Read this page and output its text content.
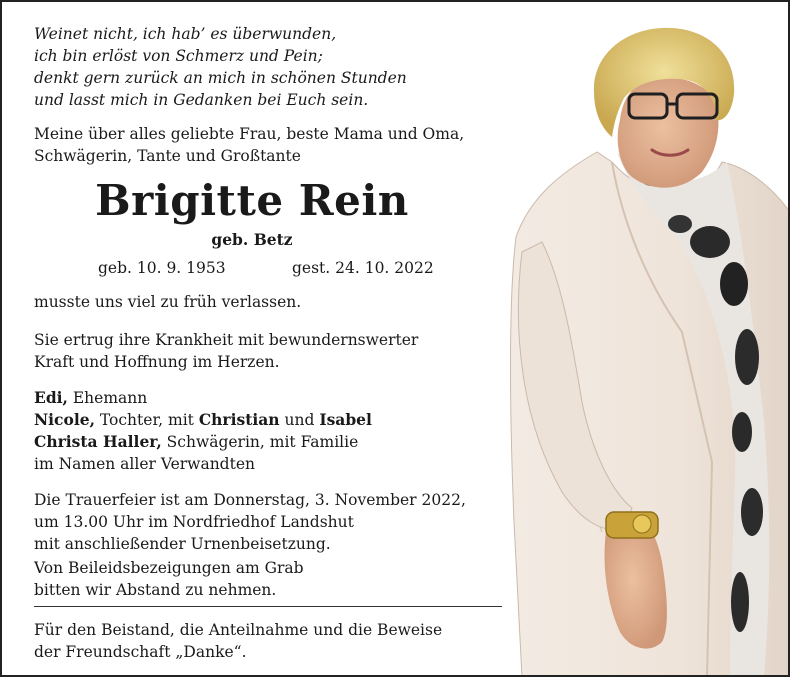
Weinet nicht, ich hab’ es überwunden,
ich bin erlöst von Schmerz und Pein;
denkt gern zurück an mich in schönen Stunden
und lasst mich in Gedanken bei Euch sein.
Meine über alles geliebte Frau, beste Mama und Oma,
Schwägerin, Tante und Großtante
Brigitte Rein
geb. Betz
geb. 10. 9. 1953	gest. 24. 10. 2022
musste uns viel zu früh verlassen.
Sie ertrug ihre Krankheit mit bewundernswerter
Kraft und Hoffnung im Herzen.
Edi, Ehemann
Nicole, Tochter, mit Christian und Isabel
Christa Haller, Schwägerin, mit Familie
im Namen aller Verwandten
Die Trauerfeier ist am Donnerstag, 3. November 2022,
um 13.00 Uhr im Nordfriedhof Landshut
mit anschließender Urnenbeisetzung.
Von Beileidsbezeigungen am Grab
bitten wir Abstand zu nehmen.
Für den Beistand, die Anteilnahme und die Beweise
der Freundschaft „Danke“.
